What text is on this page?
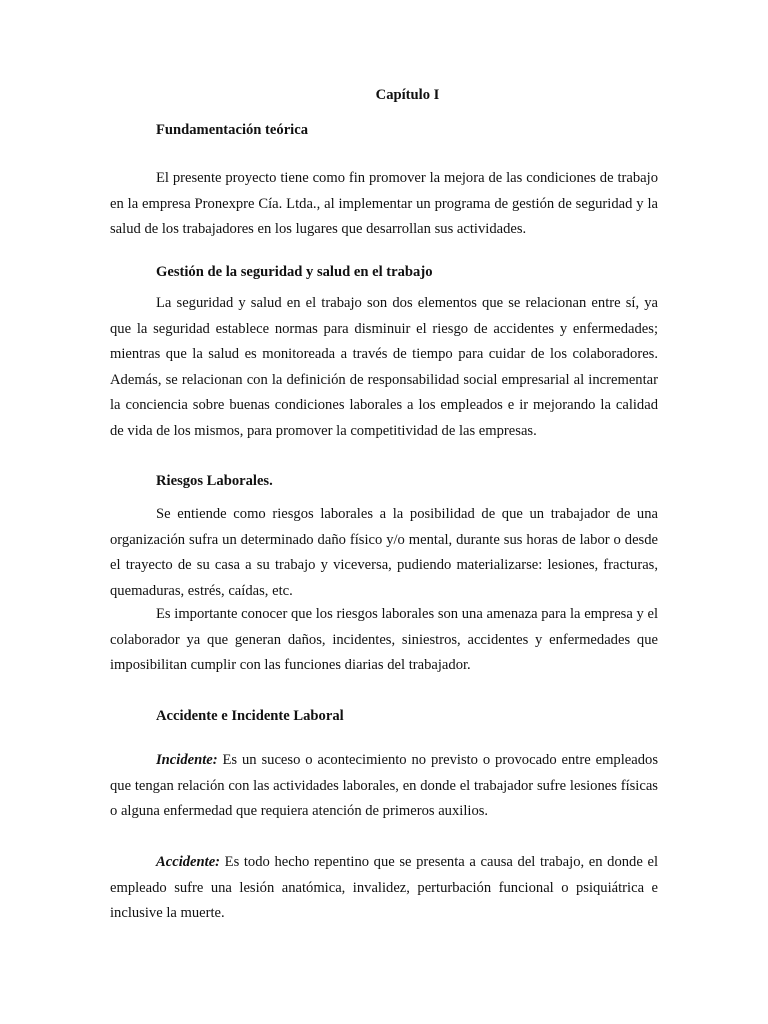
Capítulo I

Fundamentación teórica

El presente proyecto tiene como fin promover la mejora de las condiciones de trabajo en la empresa Pronexpre Cía. Ltda., al implementar un programa de gestión de seguridad y la salud de los trabajadores en los lugares que desarrollan sus actividades.

Gestión de la seguridad y salud en el trabajo

La seguridad y salud en el trabajo son dos elementos que se relacionan entre sí, ya que la seguridad establece normas para disminuir el riesgo de accidentes y enfermedades; mientras que la salud es monitoreada a través de tiempo para cuidar de los colaboradores. Además, se relacionan con la definición de responsabilidad social empresarial al incrementar la conciencia sobre buenas condiciones laborales a los empleados e ir mejorando la calidad de vida de los mismos, para promover la competitividad de las empresas.

Riesgos Laborales.

Se entiende como riesgos laborales a la posibilidad de que un trabajador de una organización sufra un determinado daño físico y/o mental, durante sus horas de labor o desde el trayecto de su casa a su trabajo y viceversa, pudiendo materializarse: lesiones, fracturas, quemaduras, estrés, caídas, etc.

Es importante conocer que los riesgos laborales son una amenaza para la empresa y el colaborador ya que generan daños, incidentes, siniestros, accidentes y enfermedades que imposibilitan cumplir con las funciones diarias del trabajador.

Accidente e Incidente Laboral

Incidente: Es un suceso o acontecimiento no previsto o provocado entre empleados que tengan relación con las actividades laborales, en donde el trabajador sufre lesiones físicas o alguna enfermedad que requiera atención de primeros auxilios.

Accidente: Es todo hecho repentino que se presenta a causa del trabajo, en donde el empleado sufre una lesión anatómica, invalidez, perturbación funcional o psiquiátrica e inclusive la muerte.
